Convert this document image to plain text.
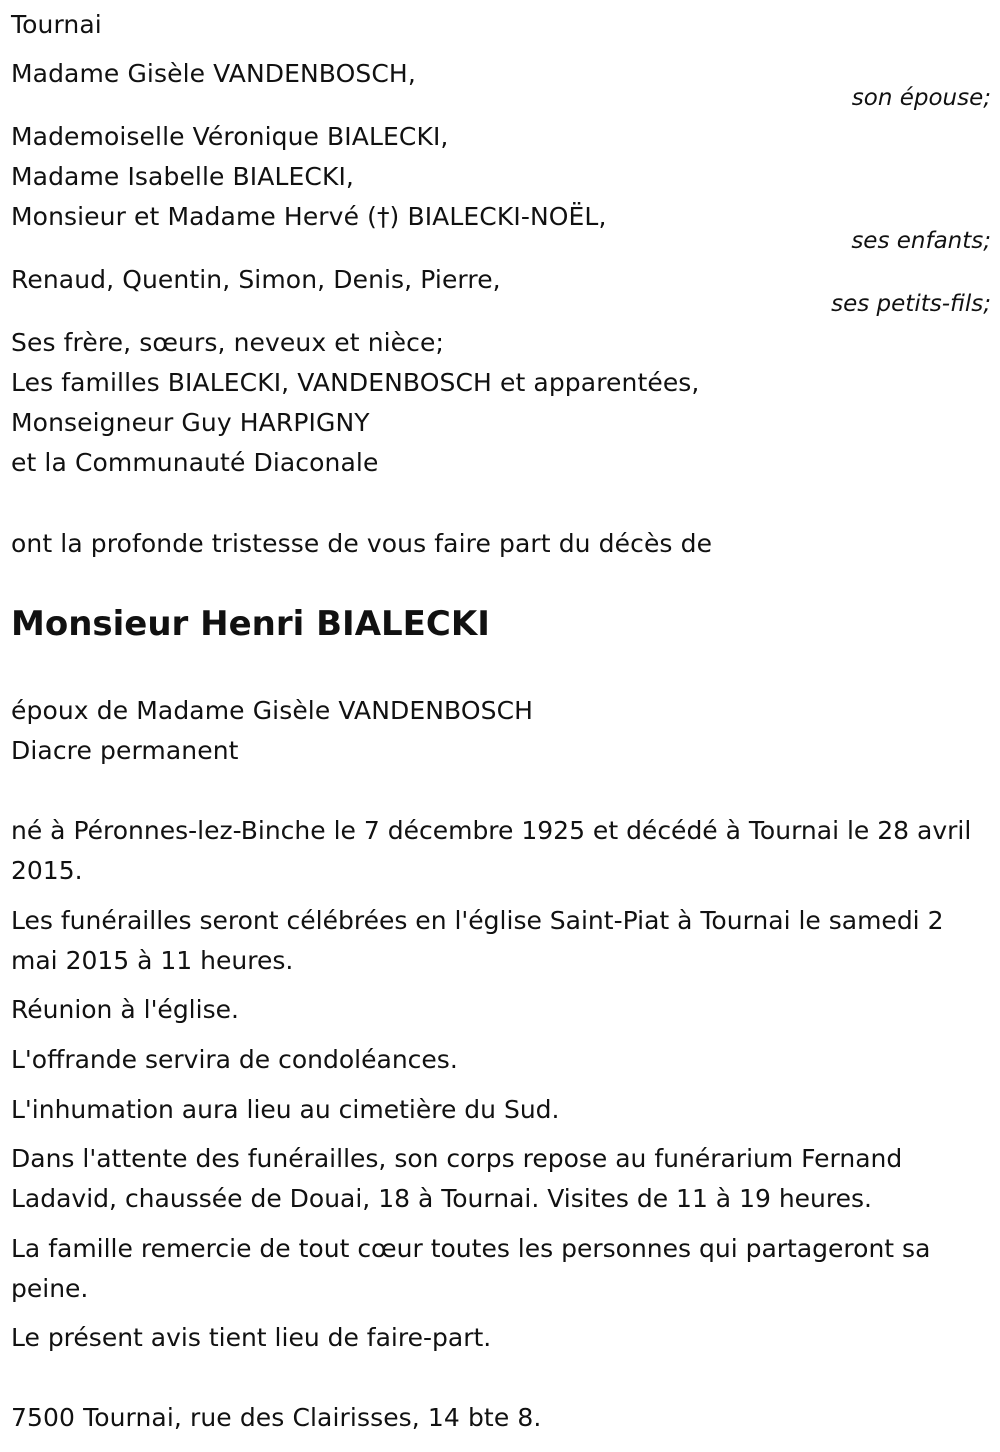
Tournai
Madame Gisèle VANDENBOSCH,
son épouse;
Mademoiselle Véronique BIALECKI,
Madame Isabelle BIALECKI,
Monsieur et Madame Hervé (†) BIALECKI-NOËL,
ses enfants;
Renaud, Quentin, Simon, Denis, Pierre,
ses petits-fils;
Ses frère, sœurs, neveux et nièce;
Les familles BIALECKI, VANDENBOSCH et apparentées,
Monseigneur Guy HARPIGNY
et la Communauté Diaconale
ont la profonde tristesse de vous faire part du décès de
Monsieur Henri BIALECKI
époux de Madame Gisèle VANDENBOSCH
Diacre permanent

né à Péronnes-lez-Binche le 7 décembre 1925 et décédé à Tournai le 28 avril 2015.

Les funérailles seront célébrées en l'église Saint-Piat à Tournai le samedi 2 mai 2015 à 11 heures.

Réunion à l'église.

L'offrande servira de condoléances.

L'inhumation aura lieu au cimetière du Sud.

Dans l'attente des funérailles, son corps repose au funérarium Fernand Ladavid, chaussée de Douai, 18 à Tournai. Visites de 11 à 19 heures.

La famille remercie de tout cœur toutes les personnes qui partageront sa peine.

Le présent avis tient lieu de faire-part.

7500 Tournai, rue des Clairisses, 14 bte 8.
